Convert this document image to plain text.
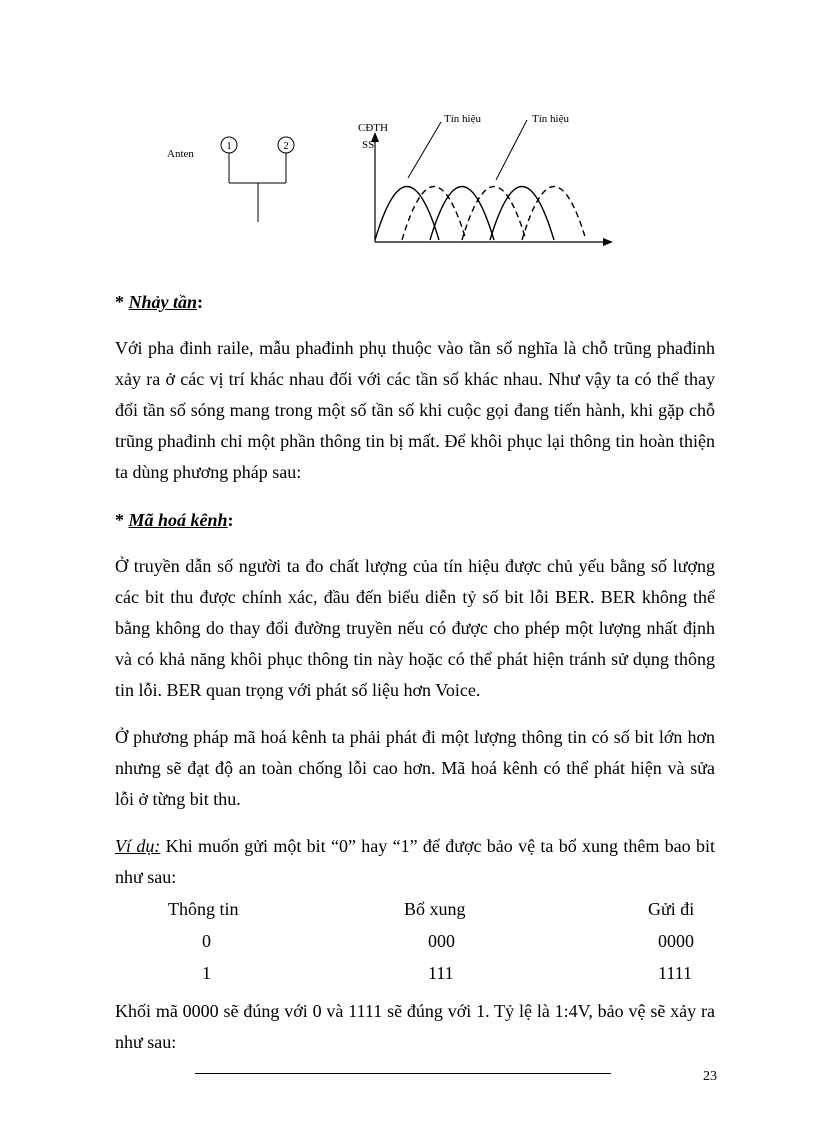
Anten
1	2
CĐTH
SS
Tín hiệu	Tín hiệu
* Nhảy tần:

Với pha đinh raile, mẫu phađinh phụ thuộc vào tần số nghĩa là chỗ trũng phađinh xảy ra ở các vị trí khác nhau đối với các tần số khác nhau. Như vậy ta có thể thay đổi tần số sóng mang trong một số tần số khi cuộc gọi đang tiến hành, khi gặp chỗ trũng phađinh chỉ một phần thông tin bị mất. Để khôi phục lại thông tin hoàn thiện ta dùng phương pháp sau:

* Mã hoá kênh:

Ở truyền dẫn số người ta đo chất lượng của tín hiệu được chủ yếu bằng số lượng các bit thu được chính xác, đầu đến biểu diễn tỷ số bit lỗi BER. BER không thể bằng không do thay đổi đường truyền nếu có được cho phép một lượng nhất định và có khả năng khôi phục thông tin này hoặc có thể phát hiện tránh sử dụng thông tin lỗi. BER quan trọng với phát số liệu hơn Voice.

Ở phương pháp mã hoá kênh ta phải phát đi một lượng thông tin có số bit lớn hơn nhưng sẽ đạt độ an toàn chống lỗi cao hơn. Mã hoá kênh có thể phát hiện và sửa lỗi ở từng bit thu.

Ví dụ: Khi muốn gửi một bit “0” hay “1” để được bảo vệ ta bổ xung thêm bao bit như sau:

Thông tin	Bổ xung	Gửi đi
0	000	0000
1	111	1111

Khối mã 0000 sẽ đúng với 0 và 1111 sẽ đúng với 1. Tỷ lệ là 1:4V, bảo vệ sẽ xảy ra như sau:

23
